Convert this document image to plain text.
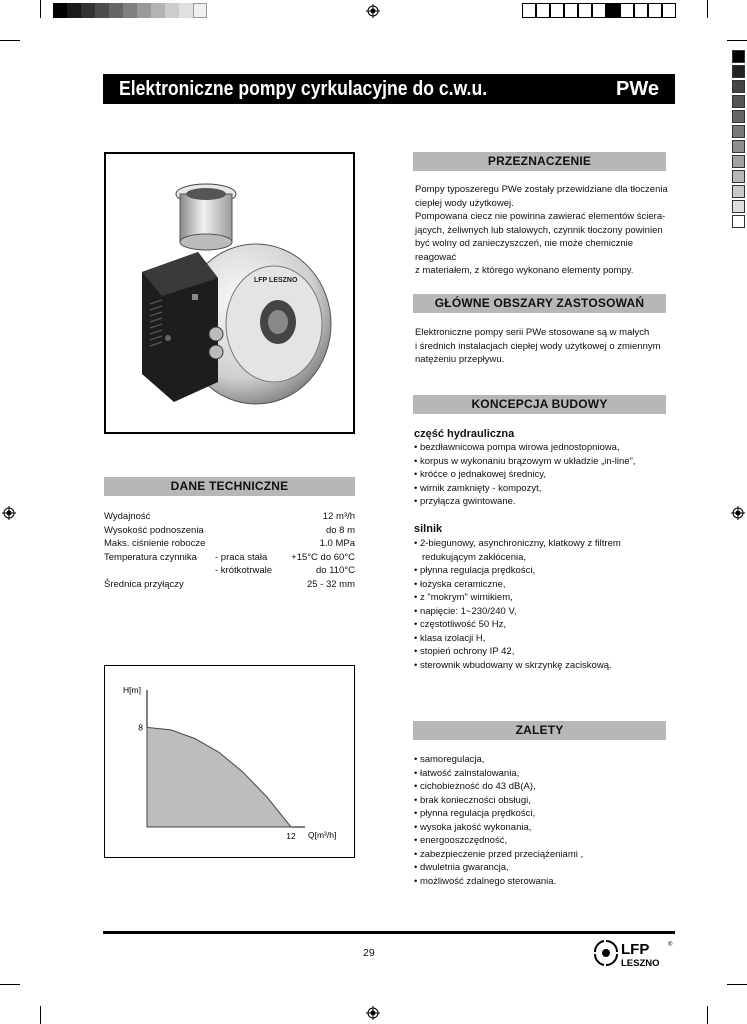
Elektroniczne pompy cyrkulacyjne do c.w.u.	PWe
LFP LESZNO
DANE TECHNICZNE
Wydajność	12 m³/h
Wysokość podnoszenia	do 8 m
Maks. ciśnienie robocze	1.0 MPa
Temperatura czynnika - praca stała	+15°C do 60°C
- krótkotrwale	do 110°C
Średnica przyłączy	25 - 32 mm
H[m]
Q[m³/h]
8
12
PRZEZNACZENIE
Pompy typoszeregu PWe zostały przewidziane dla tłoczenia
ciepłej wody użytkowej.
Pompowana ciecz nie powinna zawierać elementów ściera-
jących, żeliwnych lub stalowych, czynnik tłoczony powinien
być wolny od zanieczyszczeń, nie może chemicznie reagować
z materiałem, z którego wykonano elementy pompy.
GŁÓWNE OBSZARY ZASTOSOWAŃ
Elektroniczne pompy serii PWe stosowane są w małych
i średnich instalacjach ciepłej wody użytkowej o zmiennym
natężeniu przepływu.
KONCEPCJA BUDOWY
część hydrauliczna
• bezdławnicowa pompa wirowa jednostopniowa,
• korpus w wykonaniu brązowym w układzie „in-line”,
• króćce o jednakowej średnicy,
• wirnik zamknięty - kompozyt,
• przyłącza gwintowane.
silnik
• 2-biegunowy, asynchroniczny, klatkowy z filtrem redukującym zakłócenia,
• płynna regulacja prędkości,
• łożyska ceramiczne,
• z "mokrym" wirnikiem,
• napięcie: 1~230/240 V,
• częstotliwość 50 Hz,
• klasa izolacji H,
• stopień ochrony IP 42,
• sterownik wbudowany w skrzynkę zaciskową.
ZALETY
• samoregulacja,
• łatwość zainstalowania,
• cichobieżność do 43 dB(A),
• brak konieczności obsługi,
• płynna regulacja prędkości,
• wysoka jakość wykonania,
• energooszczędność,
• zabezpieczenie przed przeciążeniami ,
• dwuletnia gwarancja,
• możliwość zdalnego sterowania.
29	LFP
LESZNO
®
